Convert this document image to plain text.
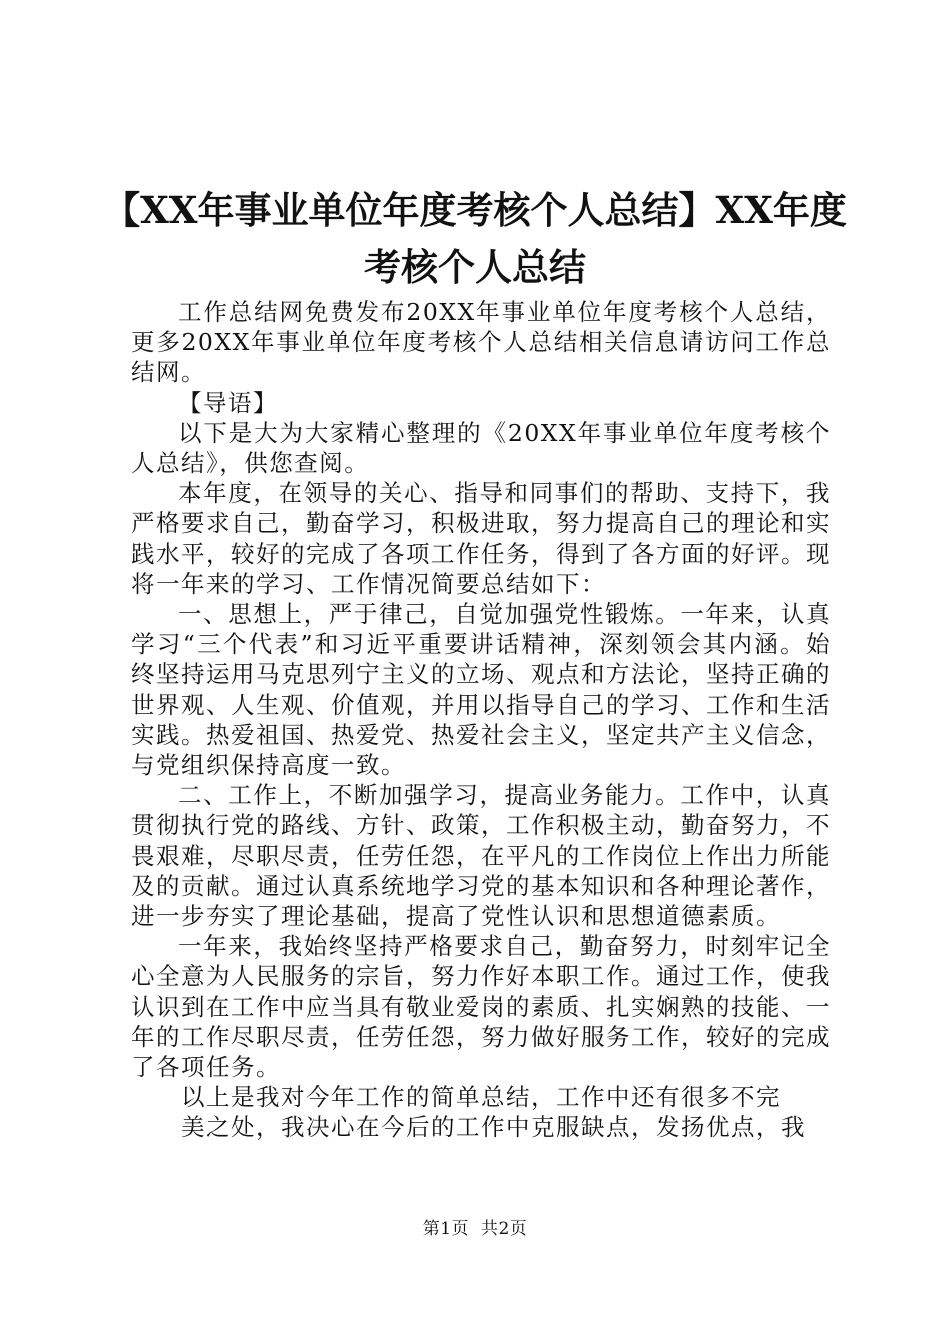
【XX年事业单位年度考核个人总结】XX年度
考核个人总结

工作总结网免费发布20XX年事业单位年度考核个人总结，更多20XX年事业单位年度考核个人总结相关信息请访问工作总结网。

【导语】

以下是大为大家精心整理的《20XX年事业单位年度考核个人总结》，供您查阅。

本年度，在领导的关心、指导和同事们的帮助、支持下，我严格要求自己，勤奋学习，积极进取，努力提高自己的理论和实践水平，较好的完成了各项工作任务，得到了各方面的好评。现将一年来的学习、工作情况简要总结如下：

一、思想上，严于律己，自觉加强党性锻炼。一年来，认真学习“三个代表”和习近平重要讲话精神，深刻领会其内涵。始终坚持运用马克思列宁主义的立场、观点和方法论，坚持正确的世界观、人生观、价值观，并用以指导自己的学习、工作和生活实践。热爱祖国、热爱党、热爱社会主义，坚定共产主义信念，与党组织保持高度一致。

二、工作上，不断加强学习，提高业务能力。工作中，认真贯彻执行党的路线、方针、政策，工作积极主动，勤奋努力，不畏艰难，尽职尽责，任劳任怨，在平凡的工作岗位上作出力所能及的贡献。通过认真系统地学习党的基本知识和各种理论著作，进一步夯实了理论基础，提高了党性认识和思想道德素质。

一年来，我始终坚持严格要求自己，勤奋努力，时刻牢记全心全意为人民服务的宗旨，努力作好本职工作。通过工作，使我认识到在工作中应当具有敬业爱岗的素质、扎实娴熟的技能、一年的工作尽职尽责，任劳任怨，努力做好服务工作，较好的完成了各项任务。

以上是我对今年工作的简单总结，工作中还有很多不完

美之处，我决心在今后的工作中克服缺点，发扬优点，我

第1页 共2页
